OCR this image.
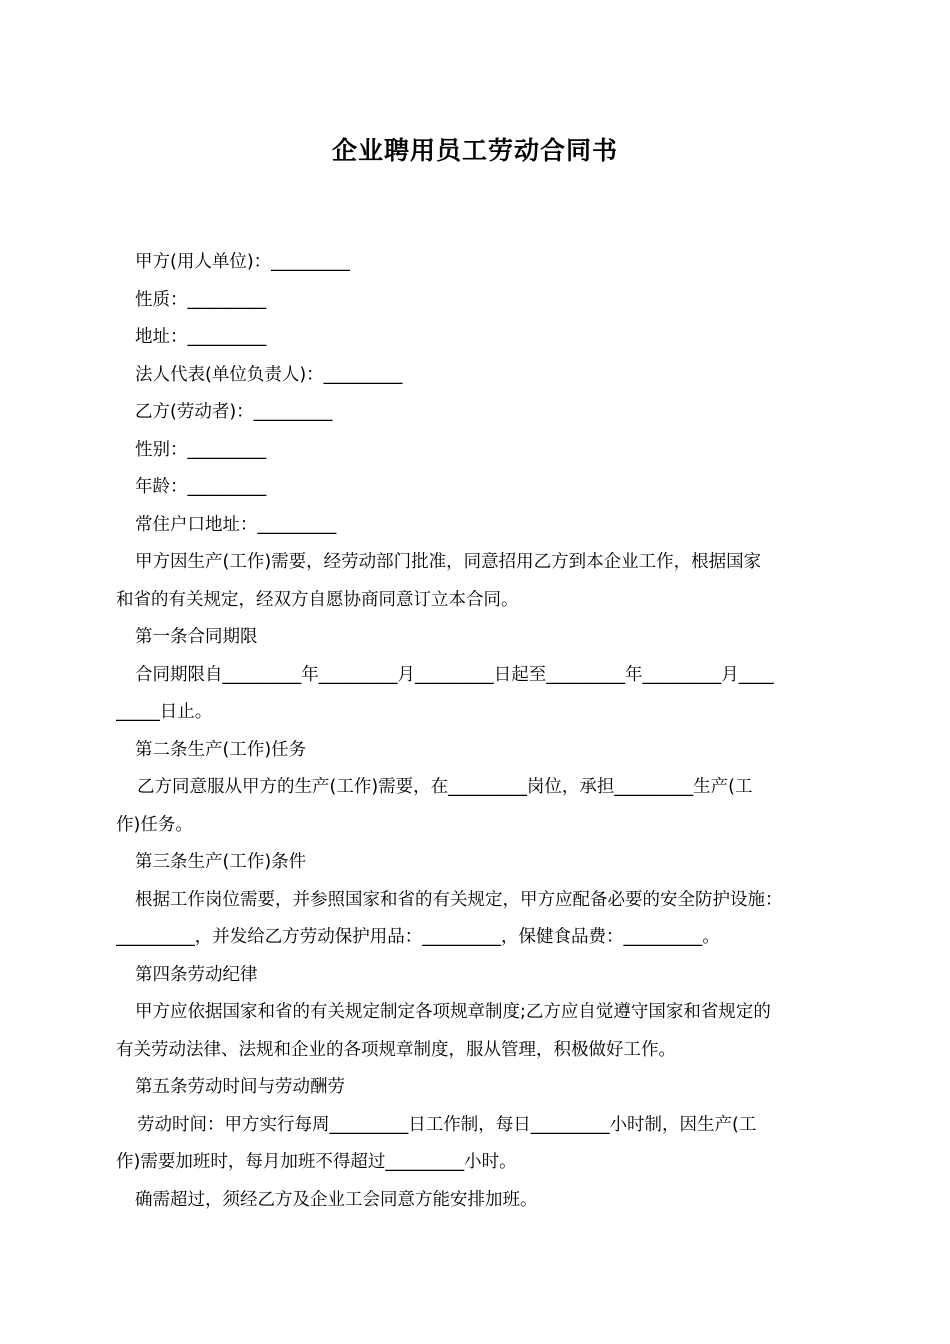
企业聘用员工劳动合同书
甲方(用人单位)：_________
性质：_________
地址：_________
法人代表(单位负责人)：_________
乙方(劳动者)：_________
性别：_________
年龄：_________
常住户口地址：_________
甲方因生产(工作)需要，经劳动部门批准，同意招用乙方到本企业工作，根据国家
和省的有关规定，经双方自愿协商同意订立本合同。
第一条合同期限
合同期限自_________年_________月_________日起至_________年_________月____
_____日止。
第二条生产(工作)任务
乙方同意服从甲方的生产(工作)需要，在_________岗位，承担_________生产(工
作)任务。
第三条生产(工作)条件
根据工作岗位需要，并参照国家和省的有关规定，甲方应配备必要的安全防护设施：
_________，并发给乙方劳动保护用品：_________，保健食品费：_________。
第四条劳动纪律
甲方应依据国家和省的有关规定制定各项规章制度;乙方应自觉遵守国家和省规定的
有关劳动法律、法规和企业的各项规章制度，服从管理，积极做好工作。
第五条劳动时间与劳动酬劳
劳动时间：甲方实行每周_________日工作制，每日_________小时制，因生产(工
作)需要加班时，每月加班不得超过_________小时。
确需超过，须经乙方及企业工会同意方能安排加班。
